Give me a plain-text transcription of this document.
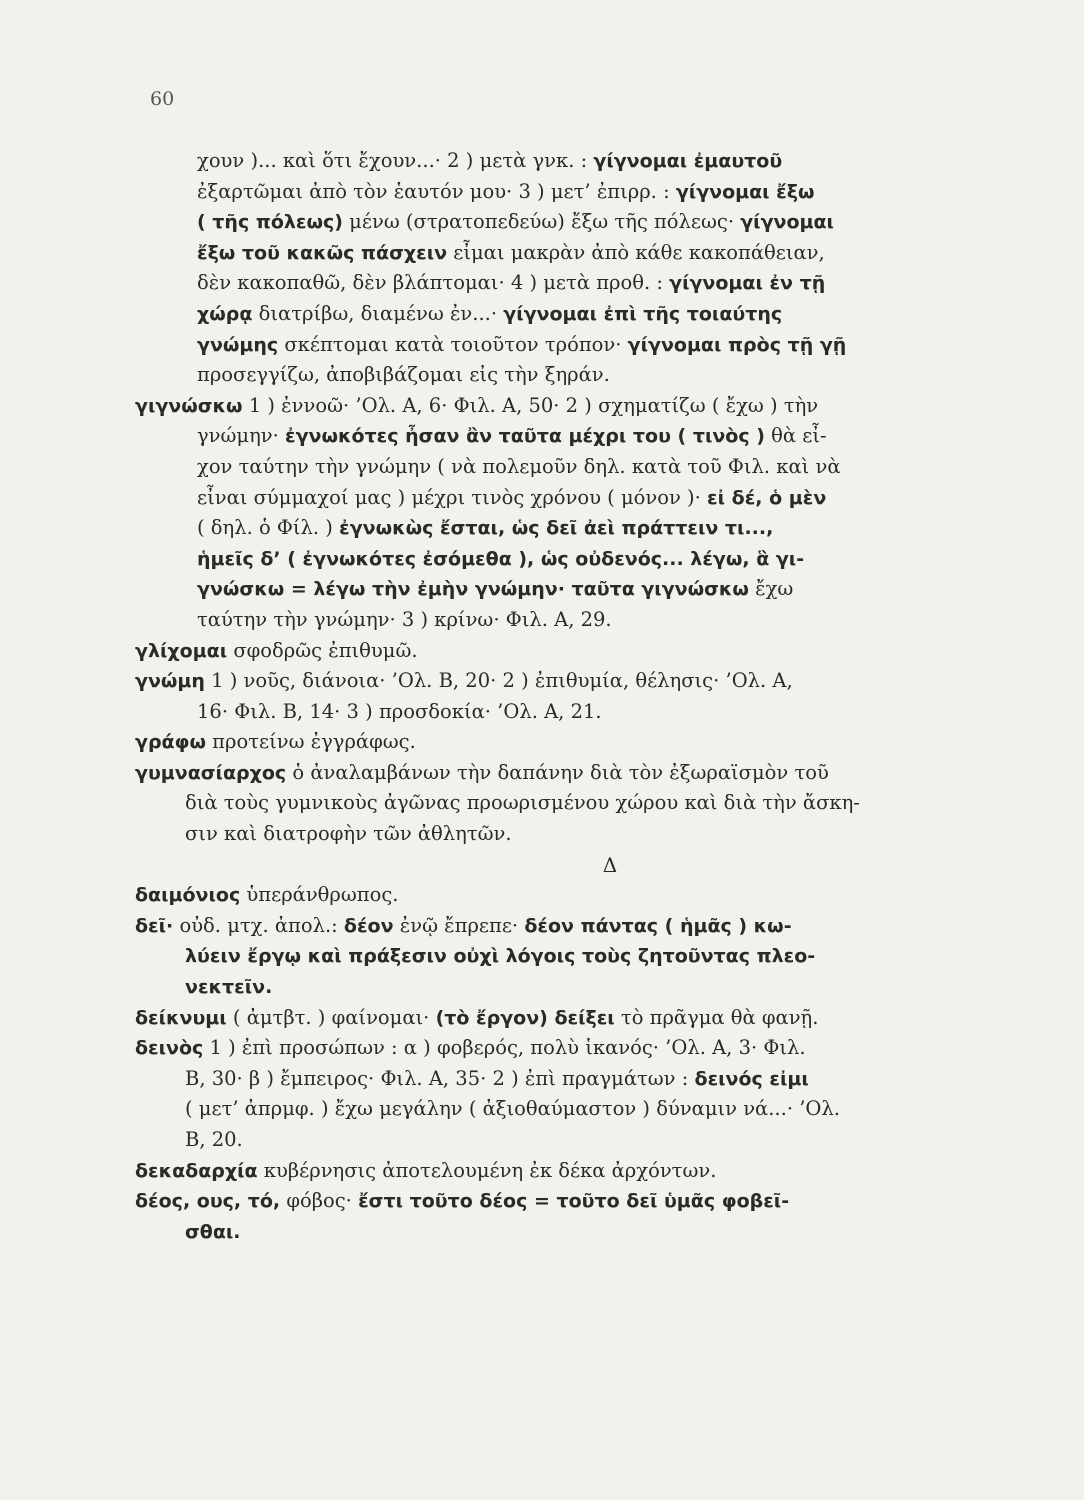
60
χουν )... καὶ ὅτι ἔχουν...· 2 ) μετὰ γνκ. : γίγνομαι ἐμαυτοῦ
ἐξαρτῶμαι ἀπὸ τὸν ἑαυτόν μου· 3 ) μετ’ ἐπιρρ. : γίγνομαι ἔξω
( τῆς πόλεως) μένω (στρατοπεδεύω) ἔξω τῆς πόλεως· γίγνομαι
ἔξω τοῦ κακῶς πάσχειν εἶμαι μακρὰν ἀπὸ κάθε κακοπάθειαν,
δὲν κακοπαθῶ, δὲν βλάπτομαι· 4 ) μετὰ προθ. : γίγνομαι ἐν τῇ
χώρᾳ διατρίβω, διαμένω ἐν...· γίγνομαι ἐπὶ τῆς τοιαύτης
γνώμης σκέπτομαι κατὰ τοιοῦτον τρόπον· γίγνομαι πρὸς τῇ γῇ
προσεγγίζω, ἀποβιβάζομαι εἰς τὴν ξηράν.
γιγνώσκω 1 ) ἐννοῶ· ’Ολ. Α, 6· Φιλ. Α, 50· 2 ) σχηματίζω ( ἔχω ) τὴν
γνώμην· ἐγνωκότες ἦσαν ἂν ταῦτα μέχρι του ( τινὸς ) θὰ εἶ-
χον ταύτην τὴν γνώμην ( νὰ πολεμοῦν δηλ. κατὰ τοῦ Φιλ. καὶ νὰ
εἶναι σύμμαχοί μας ) μέχρι τινὸς χρόνου ( μόνον )· εἰ δέ, ὁ μὲν
( δηλ. ὁ Φίλ. ) ἐγνωκὼς ἔσται, ὡς δεῖ ἀεὶ πράττειν τι...,
ἡμεῖς δ’ ( ἐγνωκότες ἐσόμεθα ), ὡς οὐδενός... λέγω, ἃ γι-
γνώσκω = λέγω τὴν ἐμὴν γνώμην· ταῦτα γιγνώσκω ἔχω
ταύτην τὴν γνώμην· 3 ) κρίνω· Φιλ. Α, 29.
γλίχομαι σφοδρῶς ἐπιθυμῶ.
γνώμη 1 ) νοῦς, διάνοια· ’Ολ. Β, 20· 2 ) ἐπιθυμία, θέλησις· ’Ολ. Α,
16· Φιλ. Β, 14· 3 ) προσδοκία· ’Ολ. Α, 21.
γράφω προτείνω ἐγγράφως.
γυμνασίαρχος ὁ ἀναλαμβάνων τὴν δαπάνην διὰ τὸν ἐξωραϊσμὸν τοῦ
διὰ τοὺς γυμνικοὺς ἀγῶνας προωρισμένου χώρου καὶ διὰ τὴν ἄσκη-
σιν καὶ διατροφὴν τῶν ἀθλητῶν.
Δ
δαιμόνιος ὑπεράνθρωπος.
δεῖ· οὐδ. μτχ. ἀπολ.: δέον ἐνῷ ἔπρεπε· δέον πάντας ( ἡμᾶς ) κω-
λύειν ἔργῳ καὶ πράξεσιν οὐχὶ λόγοις τοὺς ζητοῦντας πλεο-
νεκτεῖν.
δείκνυμι ( ἀμτβτ. ) φαίνομαι· (τὸ ἔργον) δείξει τὸ πρᾶγμα θὰ φανῇ.
δεινὸς 1 ) ἐπὶ προσώπων : α ) φοβερός, πολὺ ἱκανός· ’Ολ. Α, 3· Φιλ.
Β, 30· β ) ἔμπειρος· Φιλ. Α, 35· 2 ) ἐπὶ πραγμάτων : δεινός εἰμι
( μετ’ ἀπρμφ. ) ἔχω μεγάλην ( ἀξιοθαύμαστον ) δύναμιν νά...· ’Ολ.
Β, 20.
δεκαδαρχία κυβέρνησις ἀποτελουμένη ἐκ δέκα ἀρχόντων.
δέος, ους, τό, φόβος· ἔστι τοῦτο δέος = τοῦτο δεῖ ὑμᾶς φοβεῖ-
σθαι.
